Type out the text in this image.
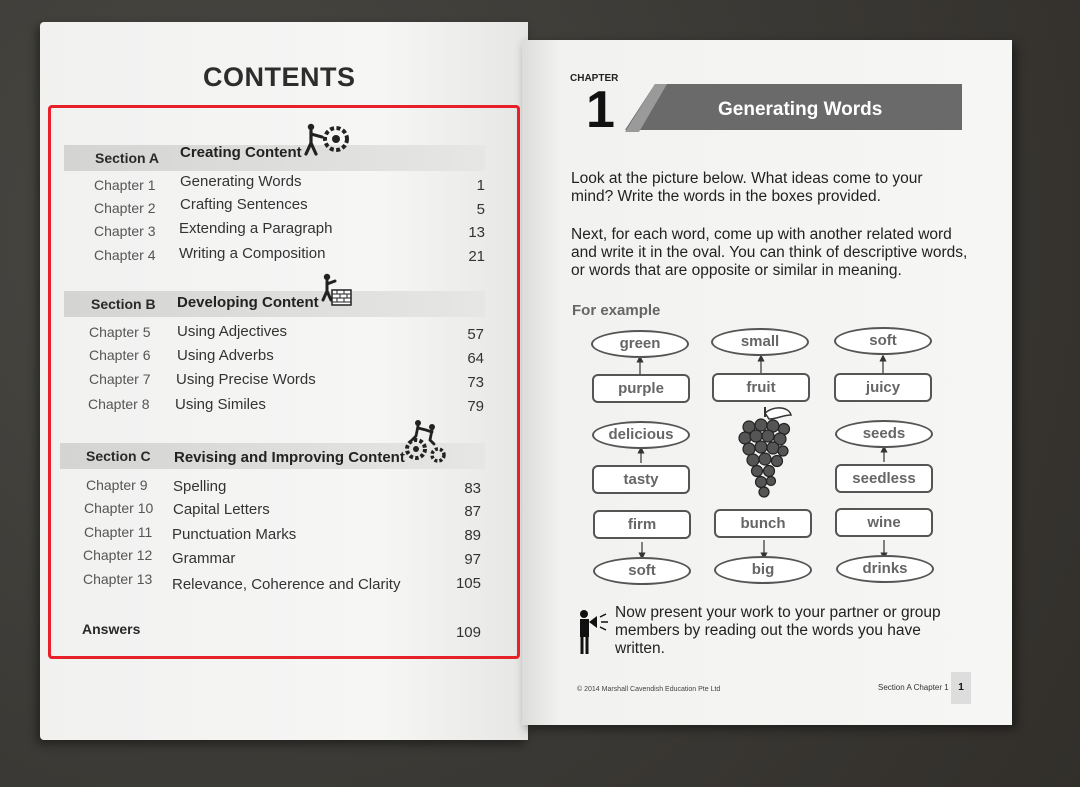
CONTENTS
Section A Creating Content
Chapter 1 Generating Words	1
Chapter 2 Crafting Sentences	5
Chapter 3 Extending a Paragraph	13
Chapter 4 Writing a Composition	21
Section B Developing Content
Chapter 5 Using Adjectives	57
Chapter 6 Using Adverbs	64
Chapter 7 Using Precise Words	73
Chapter 8 Using Similes	79
Section C Revising and Improving Content
Chapter 9 Spelling	83
Chapter 10 Capital Letters	87
Chapter 11 Punctuation Marks	89
Chapter 12 Grammar	97
Chapter 13 Relevance, Coherence and Clarity	105
Answers	109
CHAPTER
1	Generating Words
Look at the picture below. What ideas come to your mind? Write the words in the boxes provided.
Next, for each word, come up with another related word and write it in the oval. You can think of descriptive words, or words that are opposite or similar in meaning.
For example
green
purple
small
fruit
soft
juicy
delicious
tasty
seeds
seedless
firm
soft
bunch
big
wine
drinks
Now present your work to your partner or group members by reading out the words you have written.
© 2014 Marshall Cavendish Education Pte Ltd	Section A Chapter 1 1
